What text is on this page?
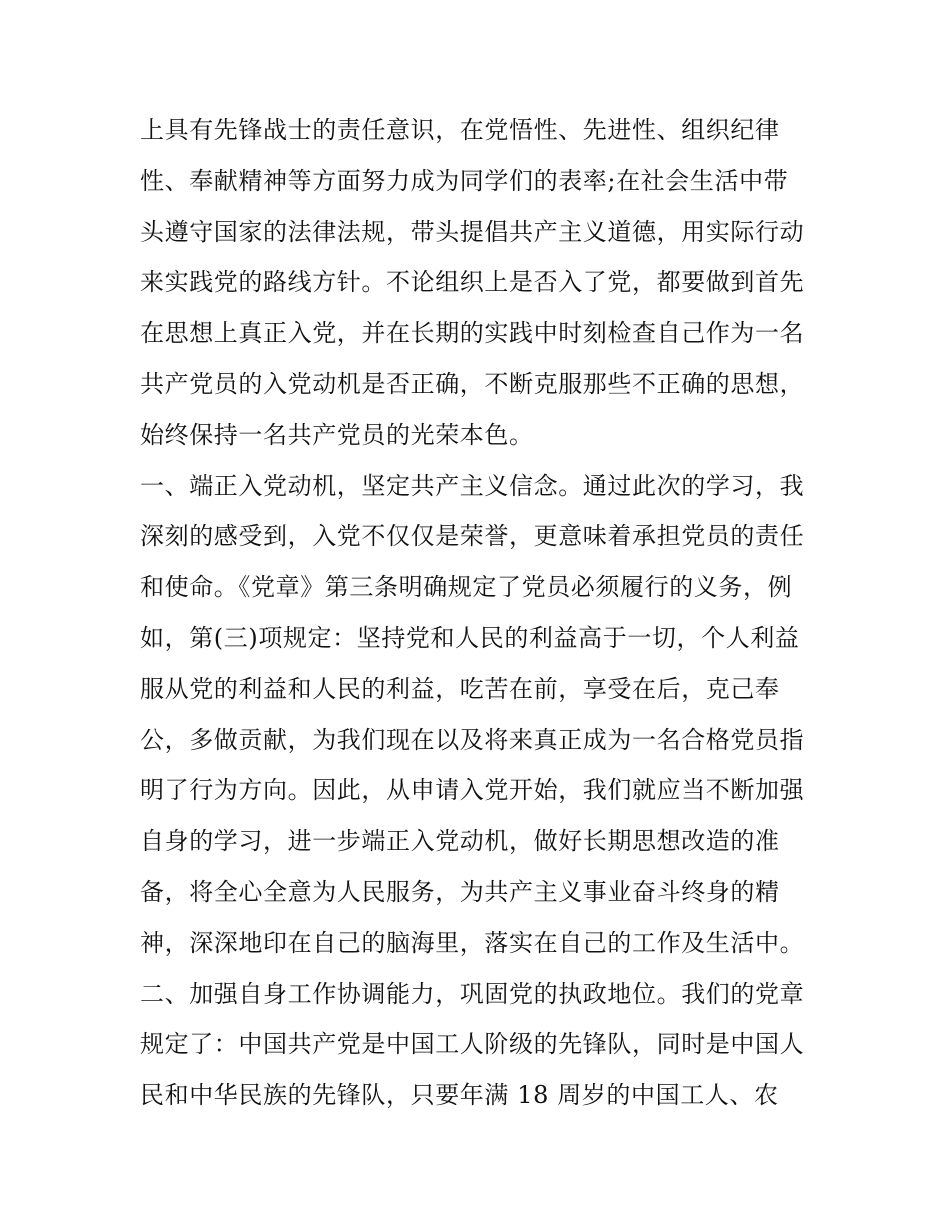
上具有先锋战士的责任意识，在党悟性、先进性、组织纪律
性、奉献精神等方面努力成为同学们的表率;在社会生活中带
头遵守国家的法律法规，带头提倡共产主义道德，用实际行动
来实践党的路线方针。不论组织上是否入了党，都要做到首先
在思想上真正入党，并在长期的实践中时刻检查自己作为一名
共产党员的入党动机是否正确，不断克服那些不正确的思想，
始终保持一名共产党员的光荣本色。
一、端正入党动机，坚定共产主义信念。通过此次的学习，我
深刻的感受到，入党不仅仅是荣誉，更意味着承担党员的责任
和使命。《党章》第三条明确规定了党员必须履行的义务，例
如，第(三)项规定：坚持党和人民的利益高于一切，个人利益
服从党的利益和人民的利益，吃苦在前，享受在后，克己奉
公，多做贡献，为我们现在以及将来真正成为一名合格党员指
明了行为方向。因此，从申请入党开始，我们就应当不断加强
自身的学习，进一步端正入党动机，做好长期思想改造的准
备，将全心全意为人民服务，为共产主义事业奋斗终身的精
神，深深地印在自己的脑海里，落实在自己的工作及生活中。
二、加强自身工作协调能力，巩固党的执政地位。我们的党章
规定了：中国共产党是中国工人阶级的先锋队，同时是中国人
民和中华民族的先锋队，只要年满 18 周岁的中国工人、农
